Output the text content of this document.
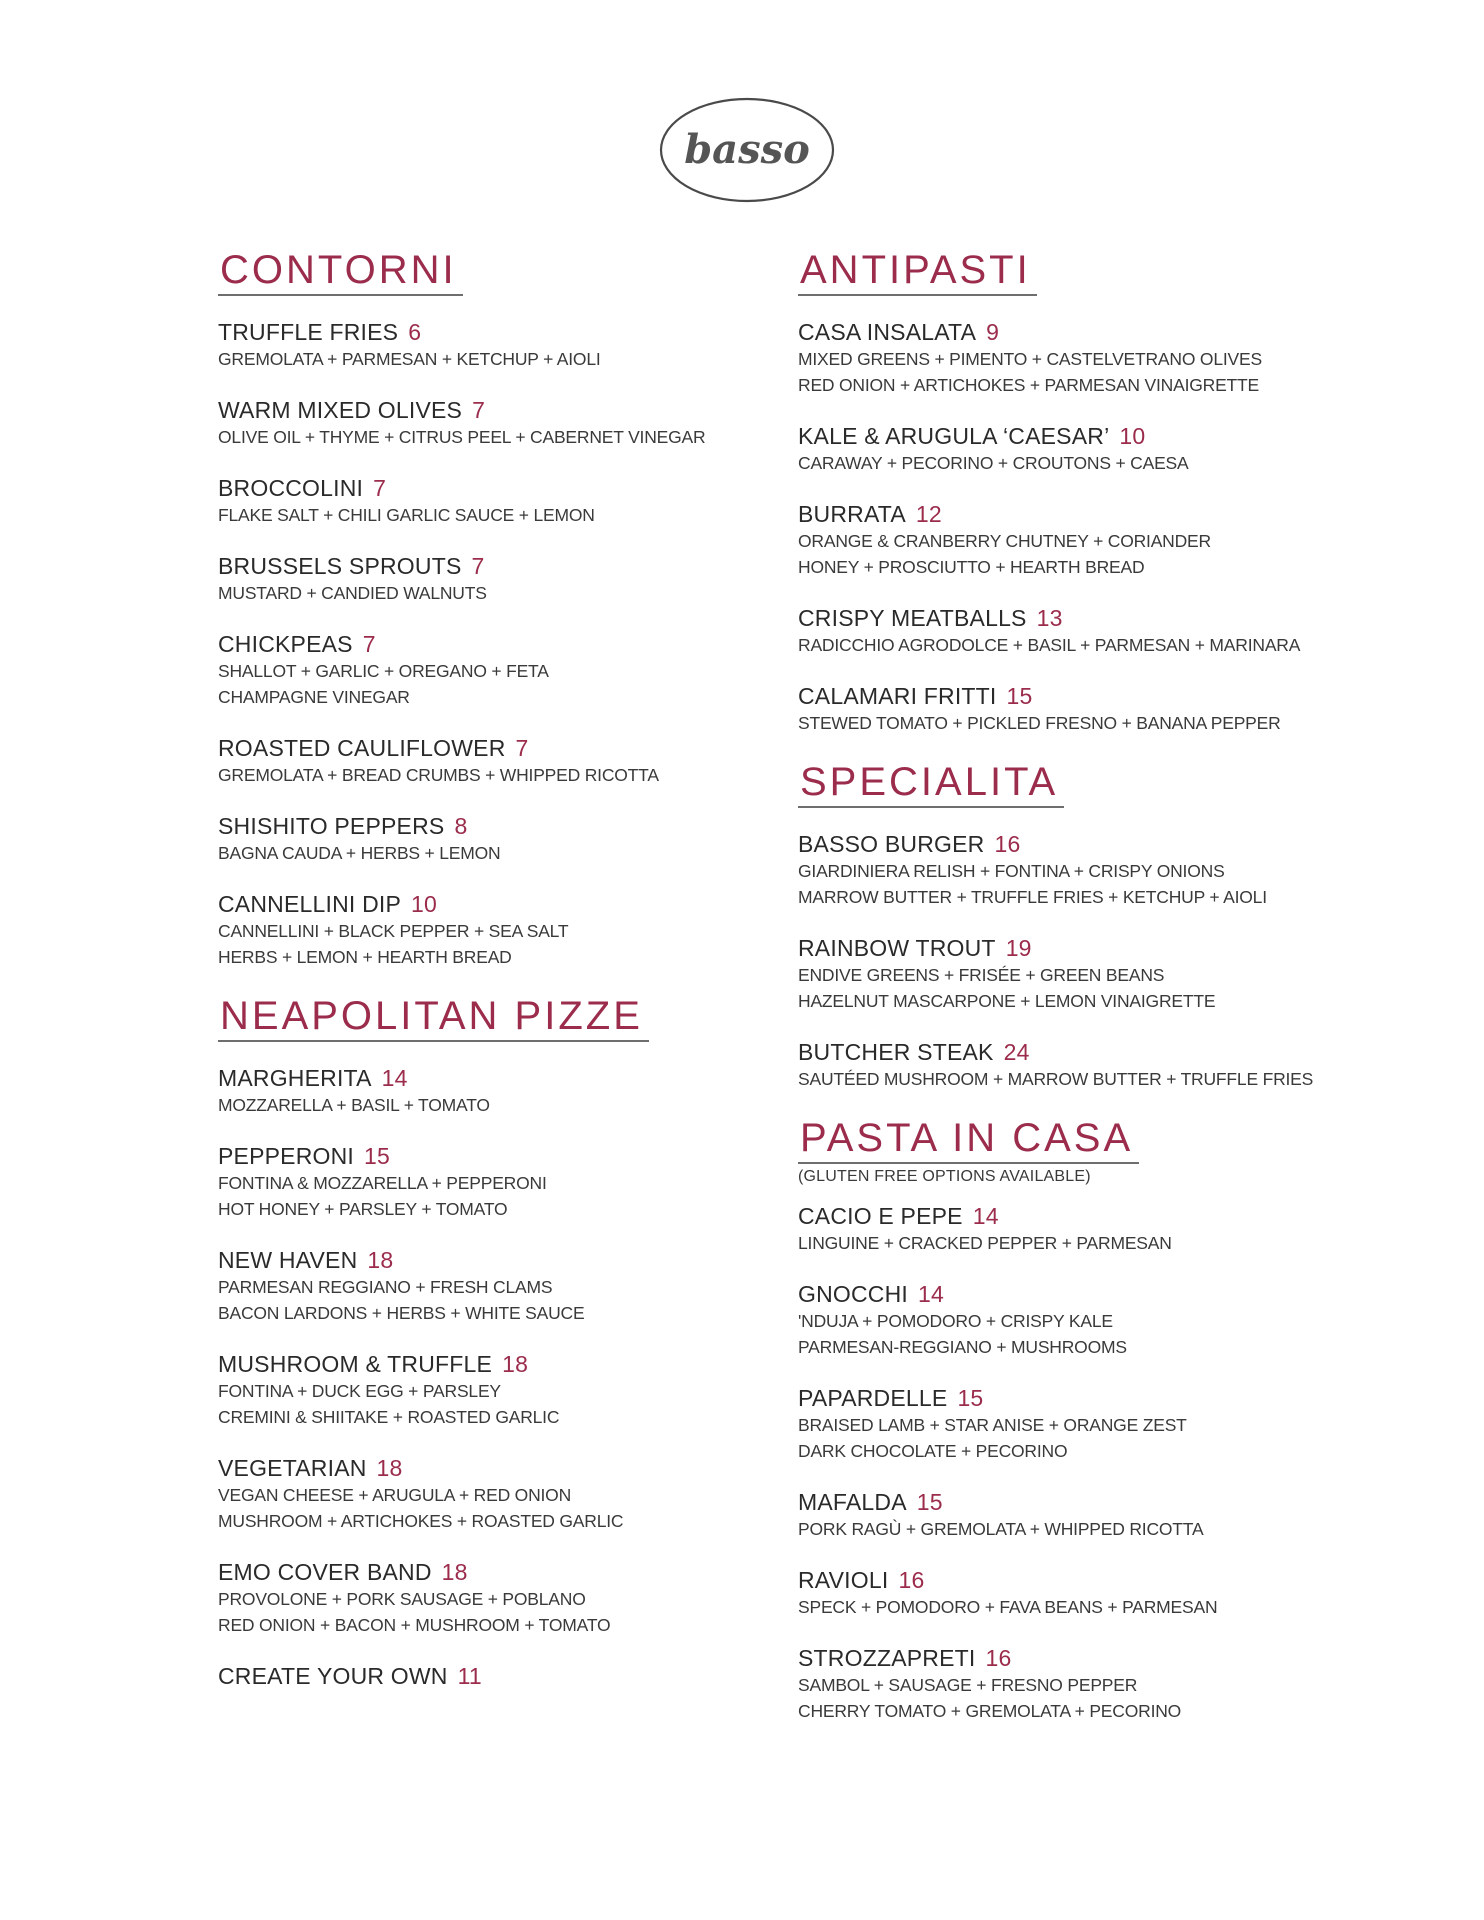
basso
CONTORNI
TRUFFLE FRIES 6
GREMOLATA + PARMESAN + KETCHUP + AIOLI
WARM MIXED OLIVES 7
OLIVE OIL + THYME + CITRUS PEEL + CABERNET VINEGAR
BROCCOLINI 7
FLAKE SALT + CHILI GARLIC SAUCE + LEMON
BRUSSELS SPROUTS 7
MUSTARD + CANDIED WALNUTS
CHICKPEAS 7
SHALLOT + GARLIC + OREGANO + FETA
CHAMPAGNE VINEGAR
ROASTED CAULIFLOWER 7
GREMOLATA + BREAD CRUMBS + WHIPPED RICOTTA
SHISHITO PEPPERS 8
BAGNA CAUDA + HERBS + LEMON
CANNELLINI DIP 10
CANNELLINI + BLACK PEPPER + SEA SALT
HERBS + LEMON + HEARTH BREAD
NEAPOLITAN PIZZE
MARGHERITA 14
MOZZARELLA + BASIL + TOMATO
PEPPERONI 15
FONTINA & MOZZARELLA + PEPPERONI
HOT HONEY + PARSLEY + TOMATO
NEW HAVEN 18
PARMESAN REGGIANO + FRESH CLAMS
BACON LARDONS + HERBS + WHITE SAUCE
MUSHROOM & TRUFFLE 18
FONTINA + DUCK EGG + PARSLEY
CREMINI & SHIITAKE + ROASTED GARLIC
VEGETARIAN 18
VEGAN CHEESE + ARUGULA + RED ONION
MUSHROOM + ARTICHOKES + ROASTED GARLIC
EMO COVER BAND 18
PROVOLONE + PORK SAUSAGE + POBLANO
RED ONION + BACON + MUSHROOM + TOMATO
CREATE YOUR OWN 11
ANTIPASTI
CASA INSALATA 9
MIXED GREENS + PIMENTO + CASTELVETRANO OLIVES
RED ONION + ARTICHOKES + PARMESAN VINAIGRETTE
KALE & ARUGULA ‘CAESAR’ 10
CARAWAY + PECORINO + CROUTONS + CAESA
BURRATA 12
ORANGE & CRANBERRY CHUTNEY + CORIANDER
HONEY + PROSCIUTTO + HEARTH BREAD
CRISPY MEATBALLS 13
RADICCHIO AGRODOLCE + BASIL + PARMESAN + MARINARA
CALAMARI FRITTI 15
STEWED TOMATO + PICKLED FRESNO + BANANA PEPPER
SPECIALITA
BASSO BURGER 16
GIARDINIERA RELISH + FONTINA + CRISPY ONIONS
MARROW BUTTER + TRUFFLE FRIES + KETCHUP + AIOLI
RAINBOW TROUT 19
ENDIVE GREENS + FRISÉE + GREEN BEANS
HAZELNUT MASCARPONE + LEMON VINAIGRETTE
BUTCHER STEAK 24
SAUTÉED MUSHROOM + MARROW BUTTER + TRUFFLE FRIES
PASTA IN CASA
(GLUTEN FREE OPTIONS AVAILABLE)
CACIO E PEPE 14
LINGUINE + CRACKED PEPPER + PARMESAN
GNOCCHI 14
'NDUJA + POMODORO + CRISPY KALE
PARMESAN-REGGIANO + MUSHROOMS
PAPARDELLE 15
BRAISED LAMB + STAR ANISE + ORANGE ZEST
DARK CHOCOLATE + PECORINO
MAFALDA 15
PORK RAGÙ + GREMOLATA + WHIPPED RICOTTA
RAVIOLI 16
SPECK + POMODORO + FAVA BEANS + PARMESAN
STROZZAPRETI 16
SAMBOL + SAUSAGE + FRESNO PEPPER
CHERRY TOMATO + GREMOLATA + PECORINO
